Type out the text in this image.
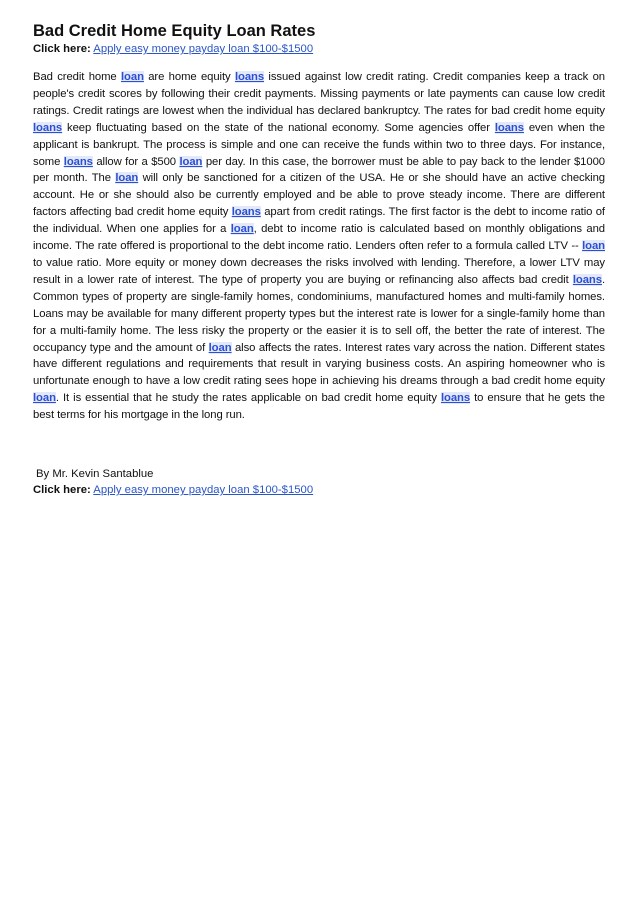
Bad Credit Home Equity Loan Rates

Click here: Apply easy money payday loan $100-$1500

Bad credit home loan are home equity loans issued against low credit rating. Credit companies keep a track on people's credit scores by following their credit payments. Missing payments or late payments can cause low credit ratings. Credit ratings are lowest when the individual has declared bankruptcy. The rates for bad credit home equity loans keep fluctuating based on the state of the national economy. Some agencies offer loans even when the applicant is bankrupt. The process is simple and one can receive the funds within two to three days. For instance, some loans allow for a $500 loan per day. In this case, the borrower must be able to pay back to the lender $1000 per month. The loan will only be sanctioned for a citizen of the USA. He or she should have an active checking account. He or she should also be currently employed and be able to prove steady income. There are different factors affecting bad credit home equity loans apart from credit ratings. The first factor is the debt to income ratio of the individual. When one applies for a loan, debt to income ratio is calculated based on monthly obligations and income. The rate offered is proportional to the debt income ratio. Lenders often refer to a formula called LTV -- loan to value ratio. More equity or money down decreases the risks involved with lending. Therefore, a lower LTV may result in a lower rate of interest. The type of property you are buying or refinancing also affects bad credit loans. Common types of property are single-family homes, condominiums, manufactured homes and multi-family homes. Loans may be available for many different property types but the interest rate is lower for a single-family home than for a multi-family home. The less risky the property or the easier it is to sell off, the better the rate of interest. The occupancy type and the amount of loan also affects the rates. Interest rates vary across the nation. Different states have different regulations and requirements that result in varying business costs. An aspiring homeowner who is unfortunate enough to have a low credit rating sees hope in achieving his dreams through a bad credit home equity loan. It is essential that he study the rates applicable on bad credit home equity loans to ensure that he gets the best terms for his mortgage in the long run.

By Mr. Kevin Santablue

Click here: Apply easy money payday loan $100-$1500
